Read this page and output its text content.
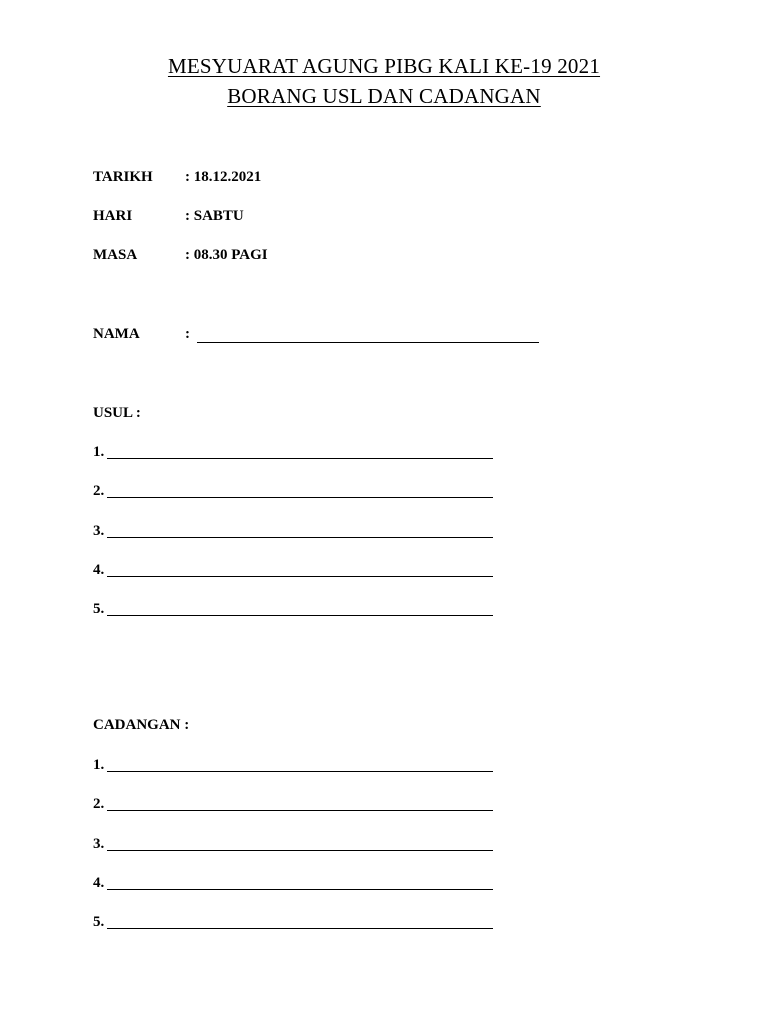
MESYUARAT AGUNG PIBG KALI KE-19 2021
BORANG USL DAN CADANGAN
TARIKH	: 18.12.2021
HARI	: SABTU
MASA	: 08.30 PAGI
NAMA	:
USUL :
1.
2.
3.
4.
5.
CADANGAN :
1.
2.
3.
4.
5.
